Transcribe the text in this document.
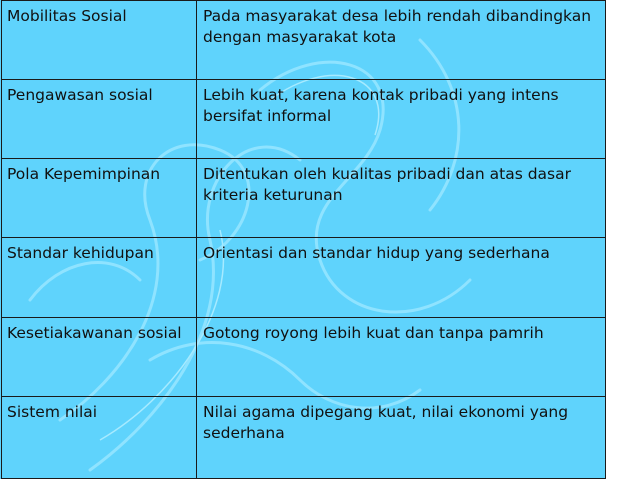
Mobilitas Sosial	Pada masyarakat desa lebih rendah dibandingkan dengan masyarakat kota
Pengawasan sosial	Lebih kuat, karena kontak pribadi yang intens bersifat informal
Pola Kepemimpinan	Ditentukan oleh kualitas pribadi dan atas dasar kriteria keturunan
Standar kehidupan	Orientasi dan standar hidup yang sederhana
Kesetiakawanan sosial	Gotong royong lebih kuat dan tanpa pamrih
Sistem nilai	Nilai agama dipegang kuat, nilai ekonomi yang sederhana
